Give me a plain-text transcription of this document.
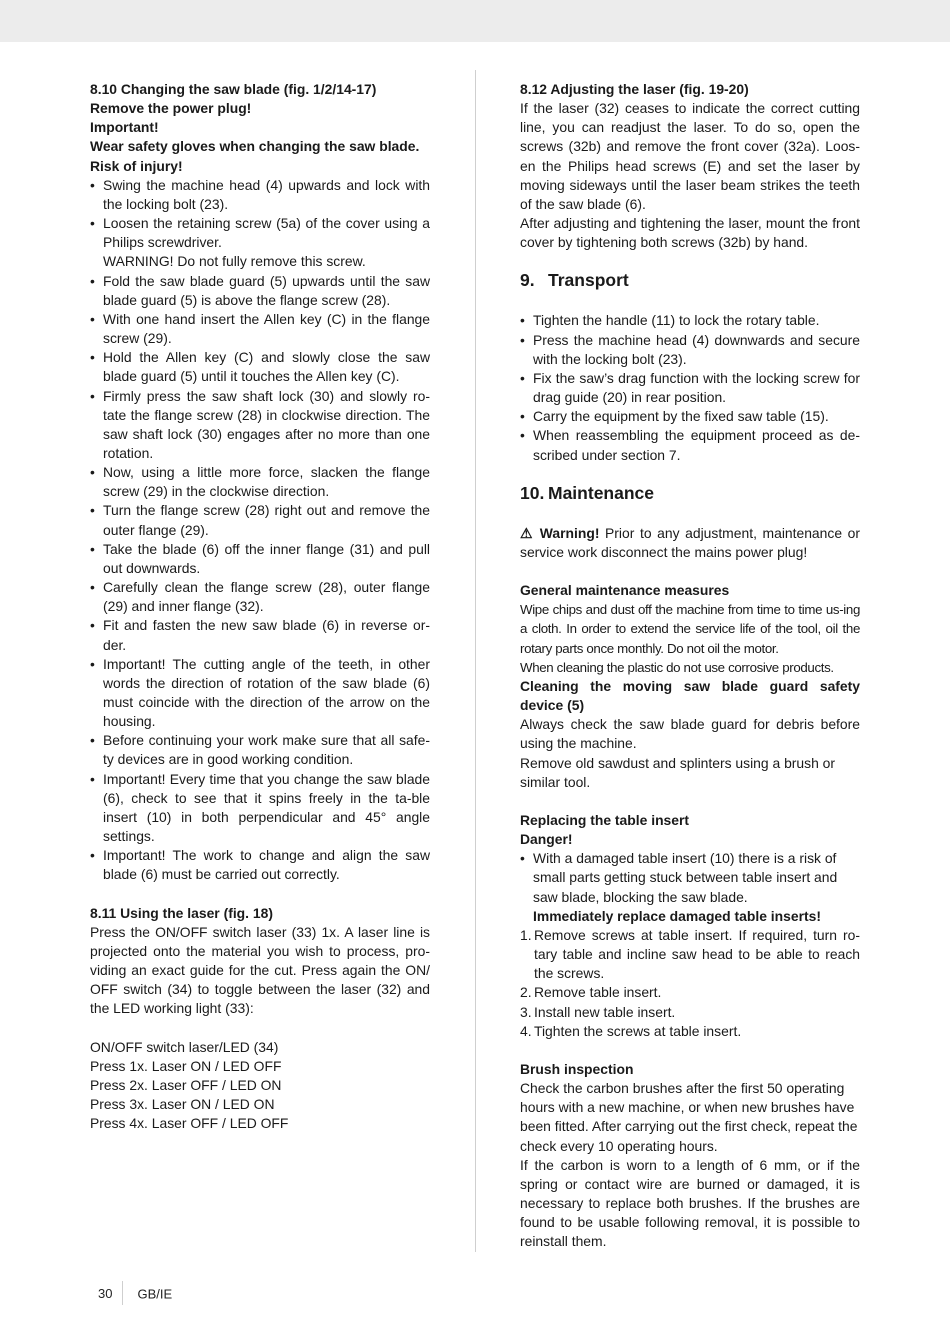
8.10 Changing the saw blade (fig. 1/2/14-17)

Remove the power plug!

Important!

Wear safety gloves when changing the saw blade.

Risk of injury!

• Swing the machine head (4) upwards and lock with the locking bolt (23).
• Loosen the retaining screw (5a) of the cover using a Philips screwdriver.
WARNING! Do not fully remove this screw.
• Fold the saw blade guard (5) upwards until the saw blade guard (5) is above the flange screw (28).
• With one hand insert the Allen key (C) in the flange screw (29).
• Hold the Allen key (C) and slowly close the saw blade guard (5) until it touches the Allen key (C).
• Firmly press the saw shaft lock (30) and slowly ro-tate the flange screw (28) in clockwise direction. The saw shaft lock (30) engages after no more than one rotation.
• Now, using a little more force, slacken the flange screw (29) in the clockwise direction.
• Turn the flange screw (28) right out and remove the outer flange (29).
• Take the blade (6) off the inner flange (31) and pull out downwards.
• Carefully clean the flange screw (28), outer flange (29) and inner flange (32).
• Fit and fasten the new saw blade (6) in reverse or-der.
• Important! The cutting angle of the teeth, in other words the direction of rotation of the saw blade (6) must coincide with the direction of the arrow on the housing.
• Before continuing your work make sure that all safe-ty devices are in good working condition.
• Important! Every time that you change the saw blade (6), check to see that it spins freely in the ta-ble insert (10) in both perpendicular and 45° angle settings.
• Important! The work to change and align the saw blade (6) must be carried out correctly.

8.11 Using the laser (fig. 18)

Press the ON/OFF switch laser (33) 1x. A laser line is projected onto the material you wish to process, pro-viding an exact guide for the cut. Press again the ON/ OFF switch (34) to toggle between the laser (32) and the LED working light (33):

ON/OFF switch laser/LED (34)

Press 1x. Laser ON / LED OFF

Press 2x. Laser OFF / LED ON

Press 3x. Laser ON / LED ON

Press 4x. Laser OFF / LED OFF

8.12 Adjusting the laser (fig. 19-20)

If the laser (32) ceases to indicate the correct cutting line, you can readjust the laser. To do so, open the screws (32b) and remove the front cover (32a). Loos-en the Philips head screws (E) and set the laser by moving sideways until the laser beam strikes the teeth of the saw blade (6).

After adjusting and tightening the laser, mount the front cover by tightening both screws (32b) by hand.

9. Transport
• Tighten the handle (11) to lock the rotary table.
• Press the machine head (4) downwards and secure with the locking bolt (23).
• Fix the saw’s drag function with the locking screw for drag guide (20) in rear position.
• Carry the equipment by the fixed saw table (15).
• When reassembling the equipment proceed as de-scribed under section 7.
10. Maintenance

⚠ Warning! Prior to any adjustment, maintenance or service work disconnect the mains power plug!

General maintenance measures

Wipe chips and dust off the machine from time to time us-ing a cloth. In order to extend the service life of the tool, oil the rotary parts once monthly. Do not oil the motor.

When cleaning the plastic do not use corrosive products.

Cleaning the moving saw blade guard safety device (5)

Always check the saw blade guard for debris before using the machine.

Remove old sawdust and splinters using a brush or similar tool.

Replacing the table insert

Danger!

• With a damaged table insert (10) there is a risk of small parts getting stuck between table insert and saw blade, blocking the saw blade.
Immediately replace damaged table inserts!
1. Remove screws at table insert. If required, turn ro-tary table and incline saw head to be able to reach the screws.
2. Remove table insert.
3. Install new table insert.
4. Tighten the screws at table insert.

Brush inspection

Check the carbon brushes after the first 50 operating hours with a new machine, or when new brushes have been fitted. After carrying out the first check, repeat the check every 10 operating hours.

If the carbon is worn to a length of 6 mm, or if the spring or contact wire are burned or damaged, it is necessary to replace both brushes. If the brushes are found to be usable following removal, it is possible to reinstall them.

30 GB/IE
